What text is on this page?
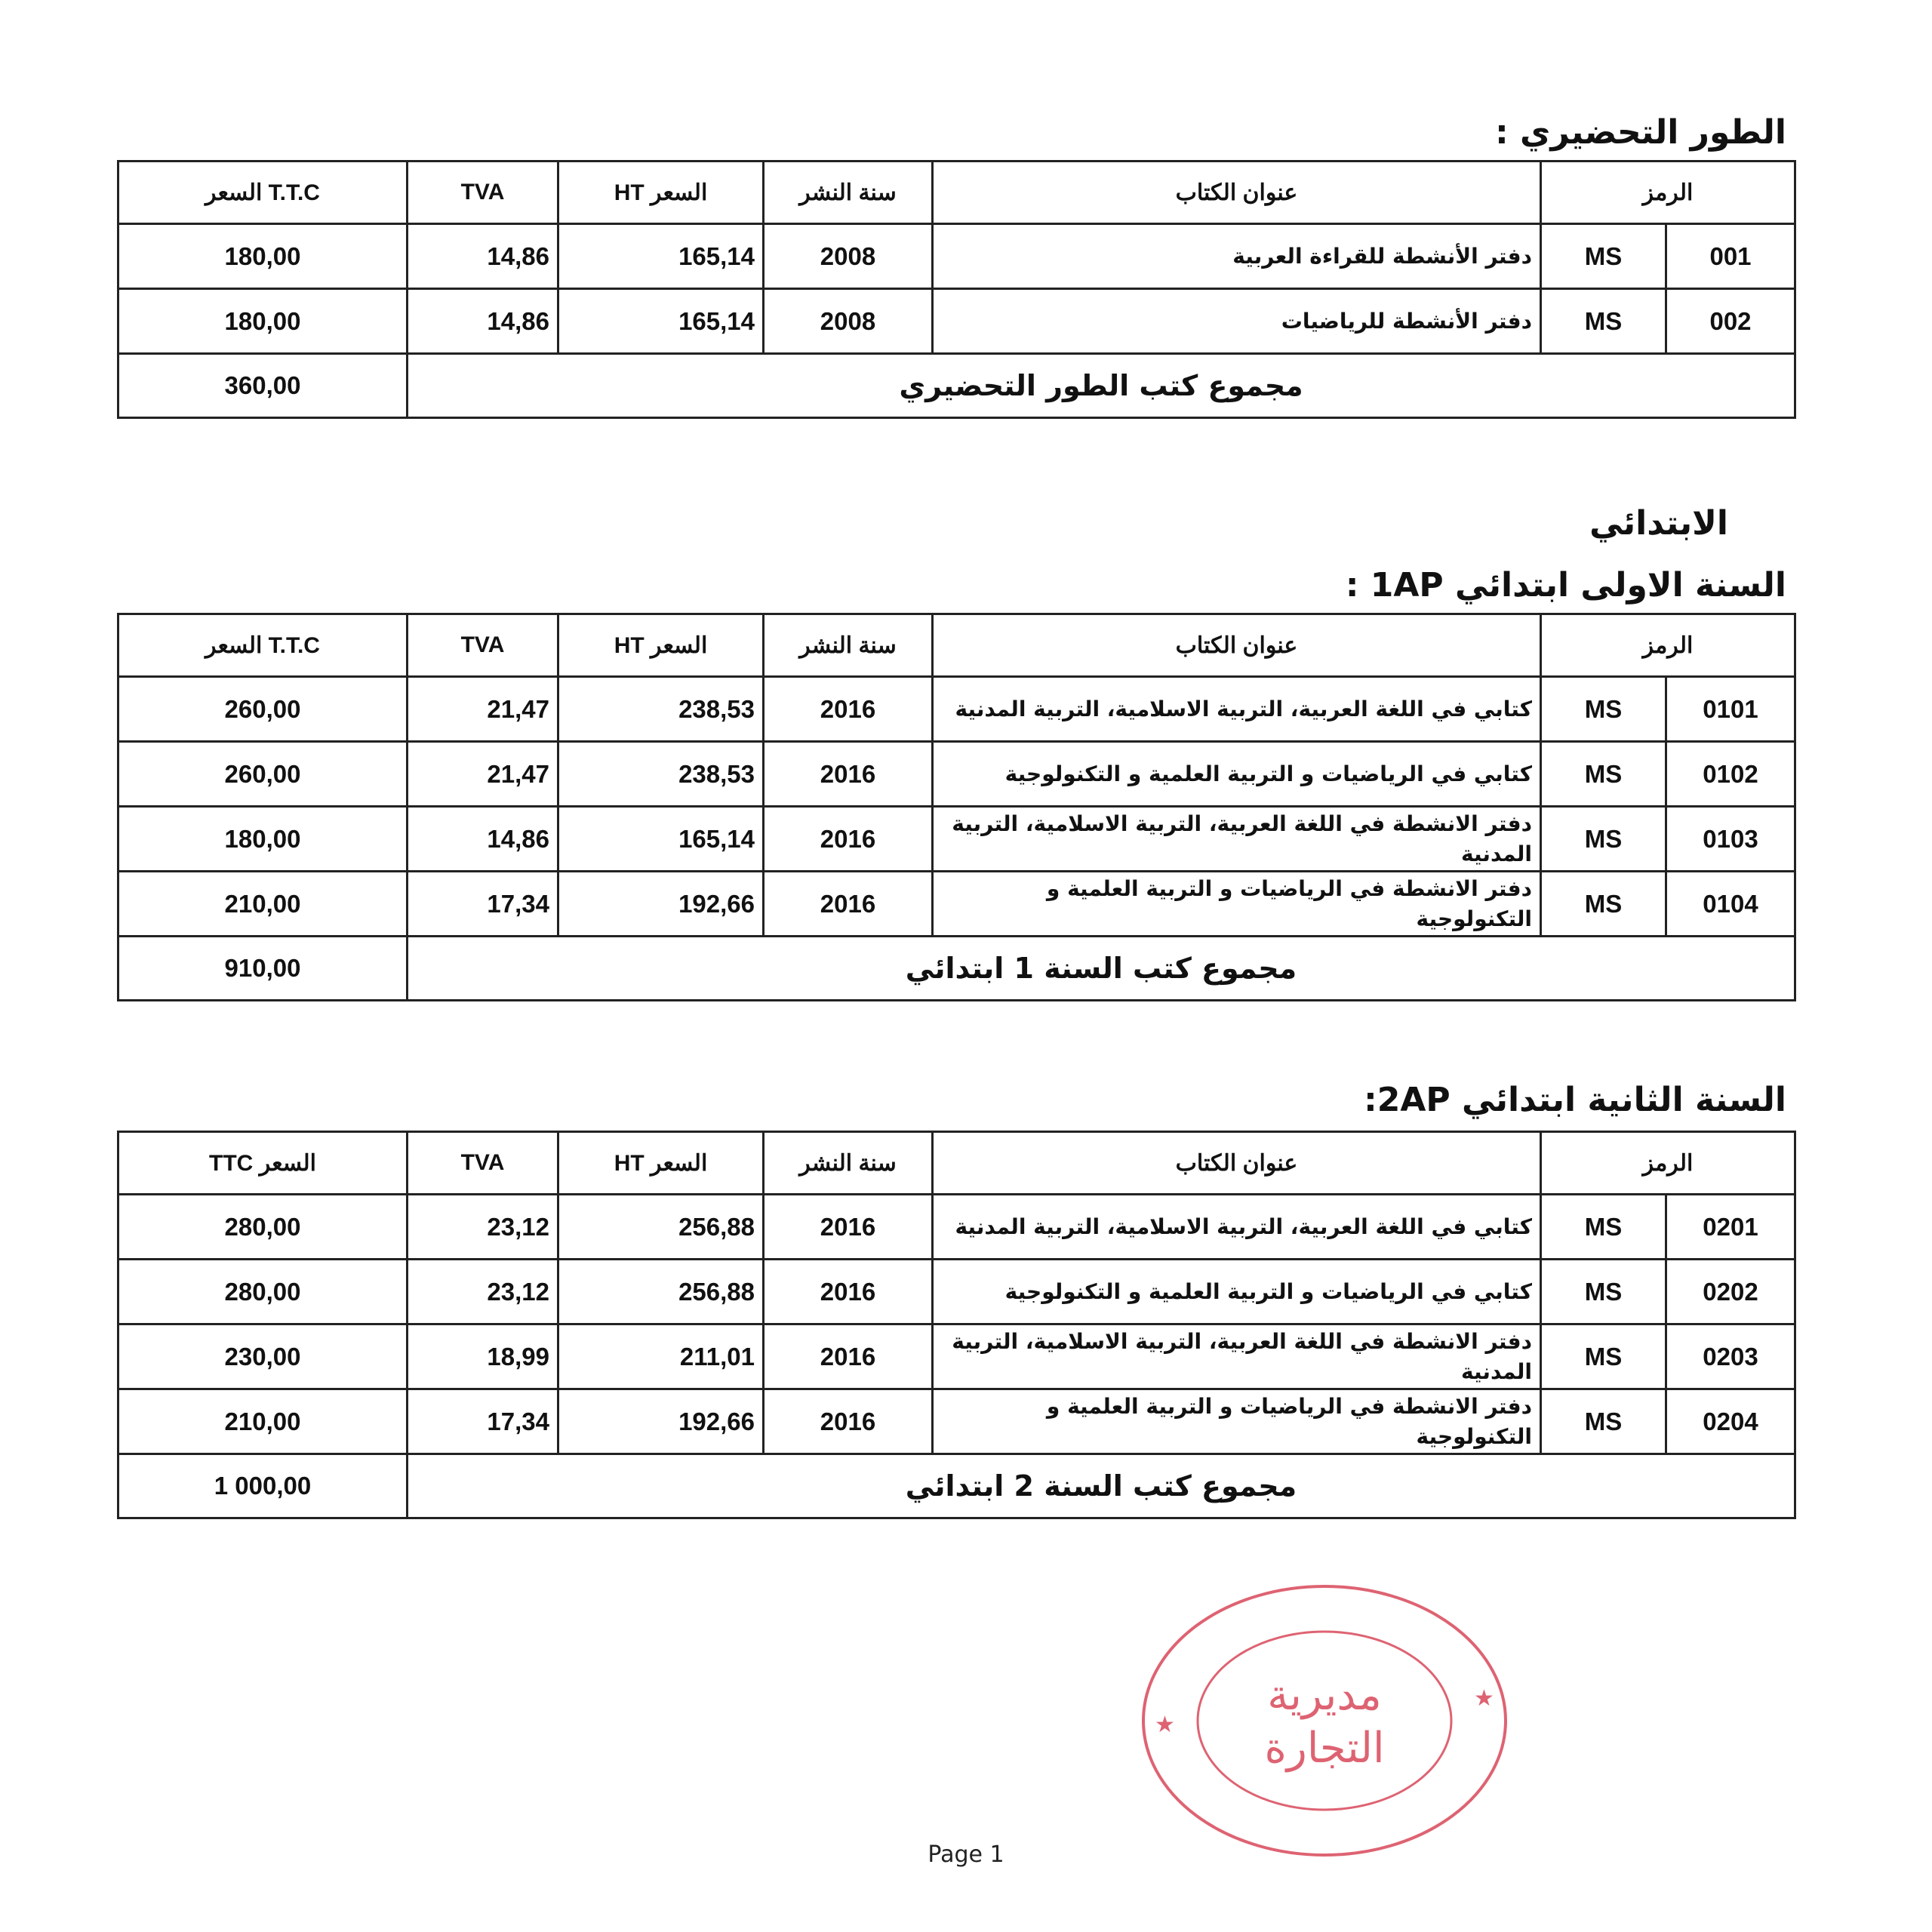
الطور التحضيري :
السعر T.T.C	TVA	السعر HT	سنة النشر	عنوان الكتاب	الرمز	
180,00	14,86	165,14	2008	دفتر الأنشطة للقراءة العربية	MS	001
180,00	14,86	165,14	2008	دفتر الأنشطة للرياضيات	MS	002
360,00	مجموع كتب الطور التحضيري					
الابتدائي
السنة الاولى ابتدائي 1AP :
السعر T.T.C	TVA	السعر HT	سنة النشر	عنوان الكتاب	الرمز	
260,00	21,47	238,53	2016	كتابي في اللغة العربية، التربية الاسلامية، التربية المدنية	MS	0101
260,00	21,47	238,53	2016	كتابي في الرياضيات و التربية العلمية و التكنولوجية	MS	0102
180,00	14,86	165,14	2016	دفتر الانشطة في اللغة العربية، التربية الاسلامية، التربية المدنية	MS	0103
210,00	17,34	192,66	2016	دفتر الانشطة في الرياضيات و التربية العلمية و التكنولوجية	MS	0104
910,00	مجموع كتب السنة 1 ابتدائي					
السنة الثانية ابتدائي 2AP:
السعر TTC	TVA	السعر HT	سنة النشر	عنوان الكتاب	الرمز	
280,00	23,12	256,88	2016	كتابي في اللغة العربية، التربية الاسلامية، التربية المدنية	MS	0201
280,00	23,12	256,88	2016	كتابي في الرياضيات و التربية العلمية و التكنولوجية	MS	0202
230,00	18,99	211,01	2016	دفتر الانشطة في اللغة العربية، التربية الاسلامية، التربية المدنية	MS	0203
210,00	17,34	192,66	2016	دفتر الانشطة في الرياضيات و التربية العلمية و التكنولوجية	MS	0204
1 000,00	مجموع كتب السنة 2 ابتدائي					
★
★
مديرية
التجارة
Page 1
